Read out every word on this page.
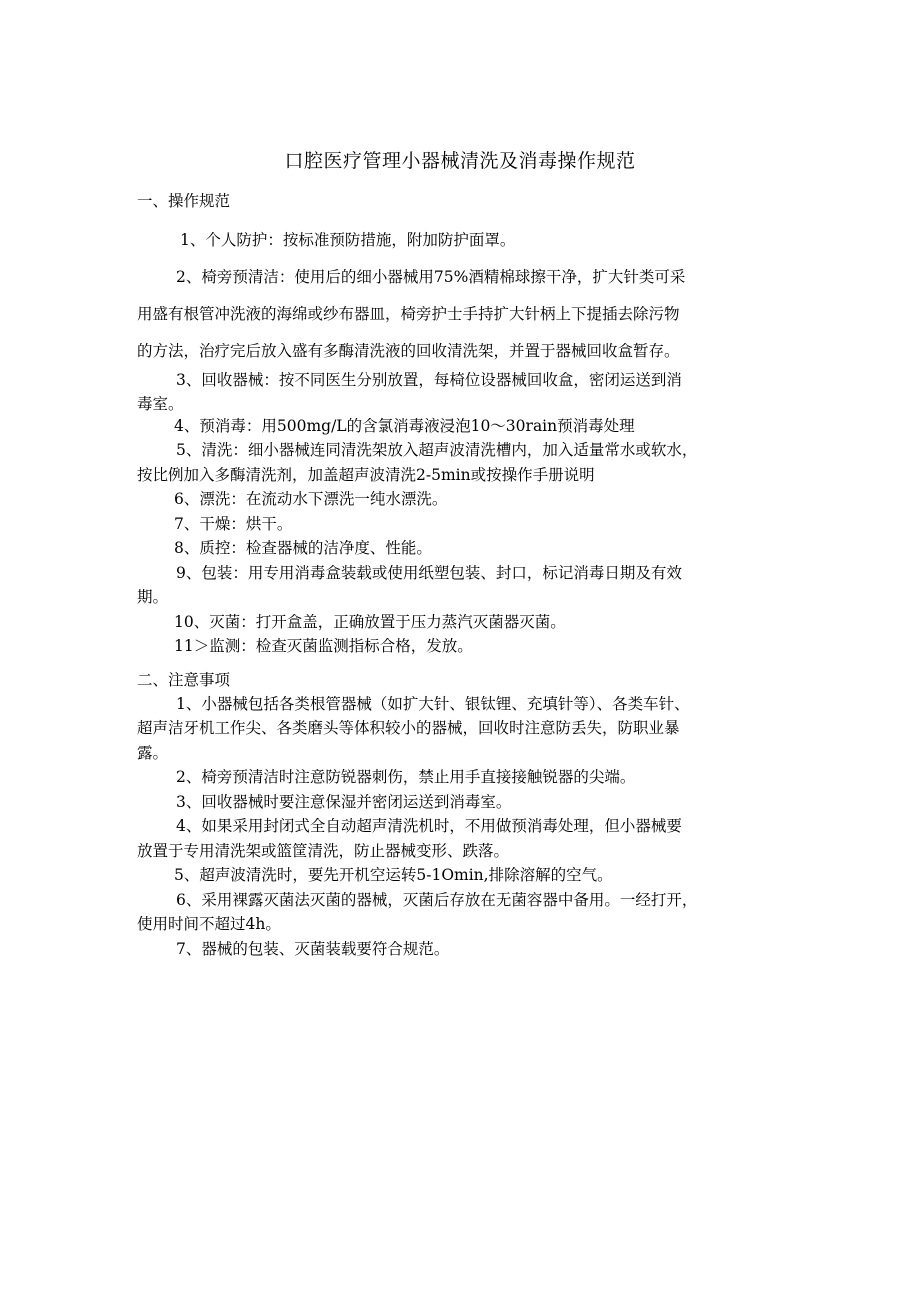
口腔医疗管理小器械清洗及消毒操作规范
一、操作规范
1、个人防护：按标准预防措施，附加防护面罩。
2、椅旁预清洁：使用后的细小器械用75%酒精棉球擦干净，扩大针类可采
用盛有根管冲洗液的海绵或纱布器皿，椅旁护士手持扩大针柄上下提插去除污物
的方法，治疗完后放入盛有多酶清洗液的回收清洗架，并置于器械回收盒暂存。
3、回收器械：按不同医生分别放置，每椅位设器械回收盒，密闭运送到消
毒室。
4、预消毒：用500mg/L的含氯消毒液浸泡10～30rain预消毒处理
5、清洗：细小器械连同清洗架放入超声波清洗槽内，加入适量常水或软水，
按比例加入多酶清洗剂，加盖超声波清洗2-5min或按操作手册说明
6、漂洗：在流动水下漂洗一纯水漂洗。
7、干燥：烘干。
8、质控：检查器械的洁净度、性能。
9、包装：用专用消毒盒装载或使用纸塑包装、封口，标记消毒日期及有效
期。
10、灭菌：打开盒盖，正确放置于压力蒸汽灭菌器灭菌。
11＞监测：检查灭菌监测指标合格，发放。
二、注意事项
1、小器械包括各类根管器械（如扩大针、银钛锂、充填针等）、各类车针、
超声洁牙机工作尖、各类磨头等体积较小的器械，回收时注意防丢失，防职业暴
露。
2、椅旁预清洁时注意防锐器刺伤，禁止用手直接接触锐器的尖端。
3、回收器械时要注意保湿并密闭运送到消毒室。
4、如果采用封闭式全自动超声清洗机时，不用做预消毒处理，但小器械要
放置于专用清洗架或篮筐清洗，防止器械变形、跌落。
5、超声波清洗时，要先开机空运转5-1Omin,排除溶解的空气。
6、采用裸露灭菌法灭菌的器械，灭菌后存放在无菌容器中备用。一经打开，
使用时间不超过4h。
7、器械的包装、灭菌装载要符合规范。
